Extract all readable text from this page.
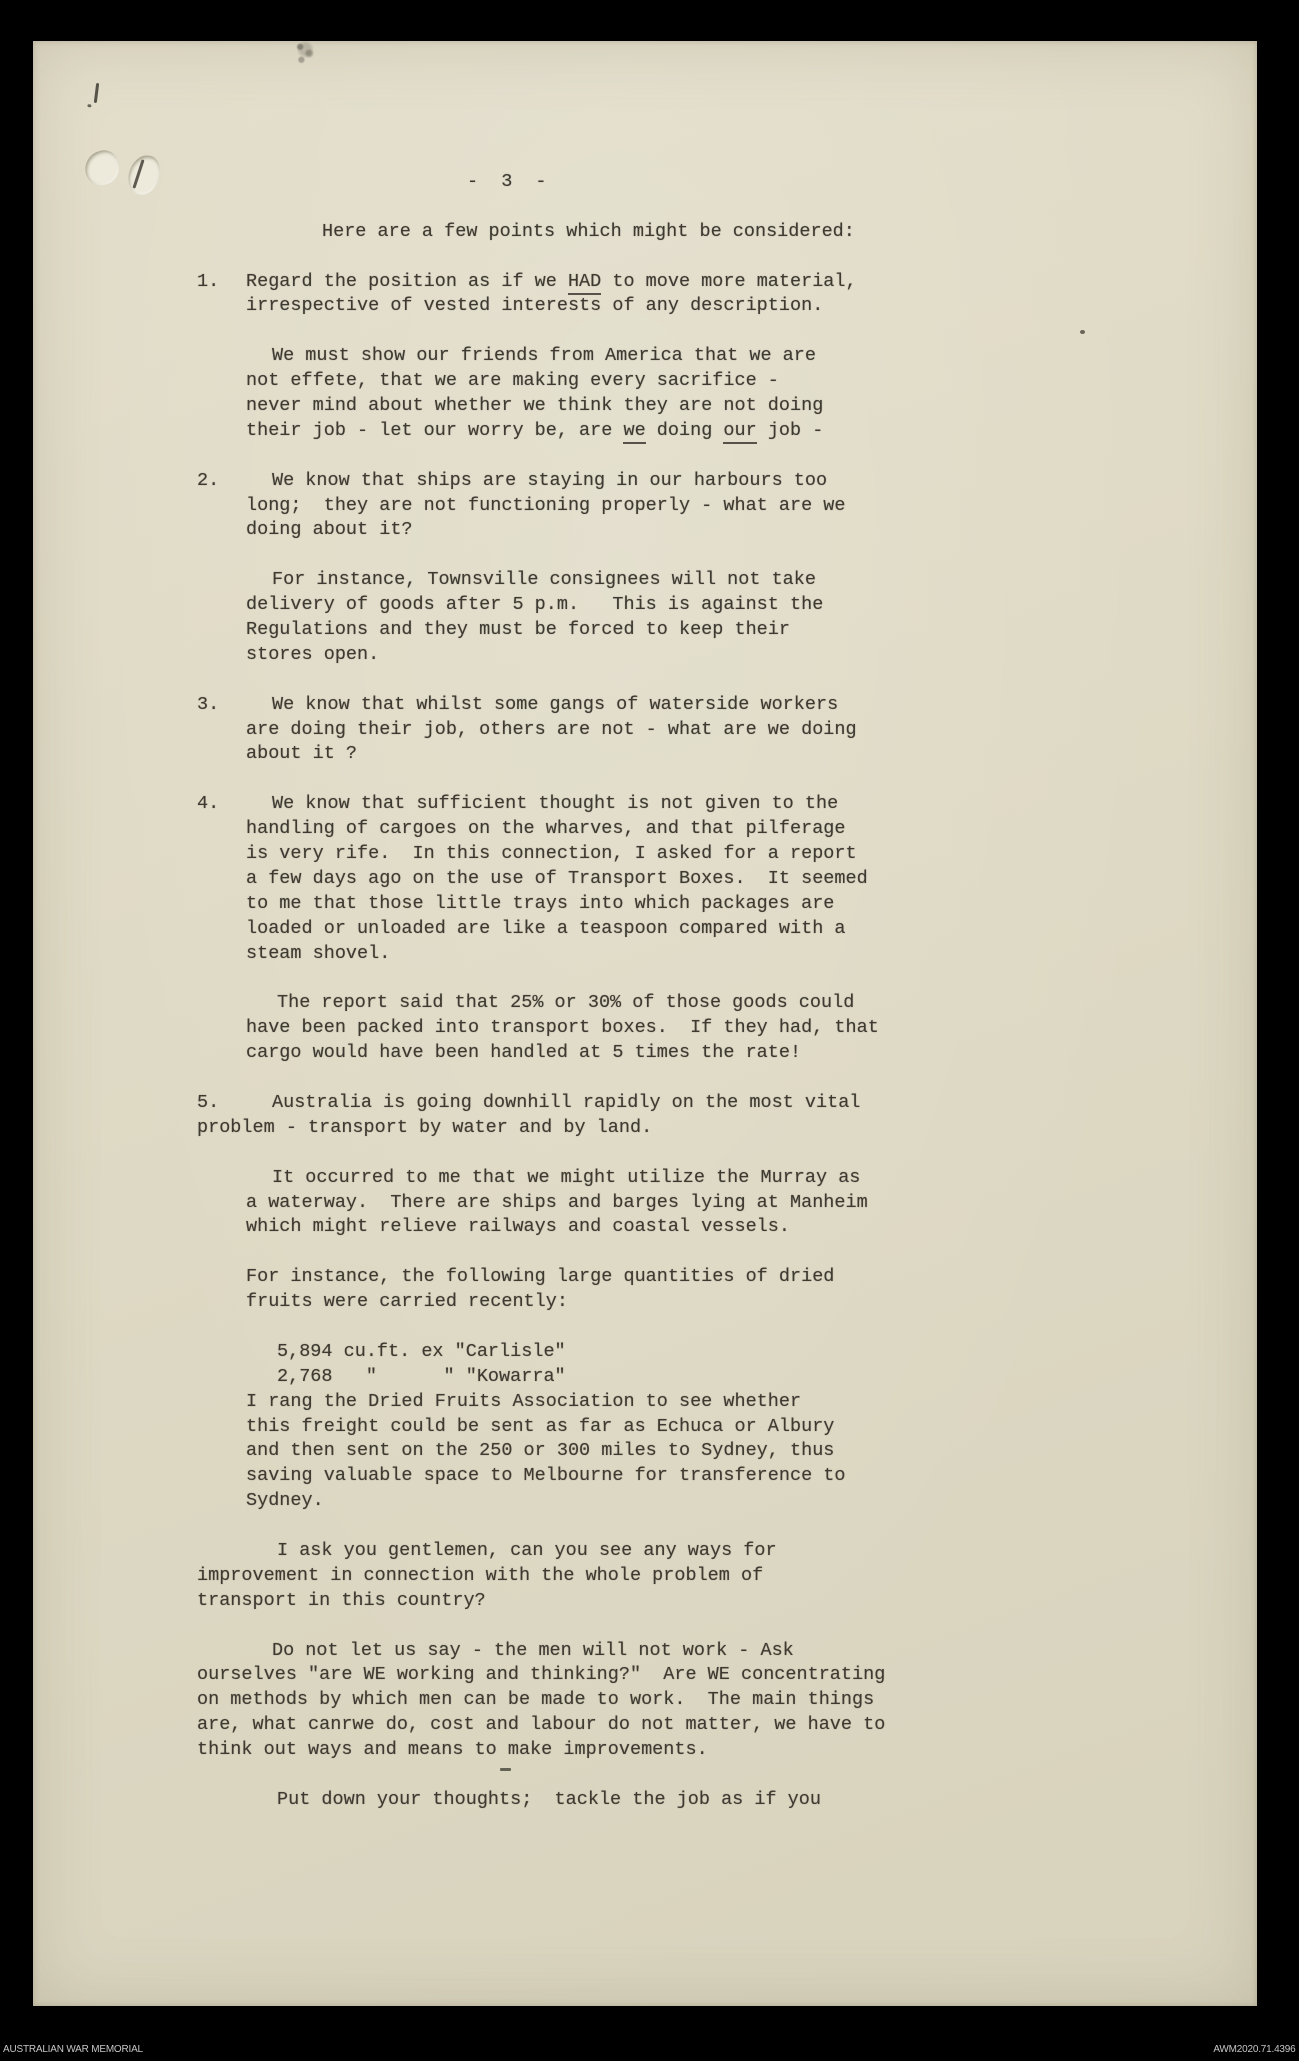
- 3 -
Here are a few points which might be considered:
1. Regard the position as if we HAD to move more material,
irrespective of vested interests of any description.
We must show our friends from America that we are
not effete, that we are making every sacrifice -
never mind about whether we think they are not doing
their job - let our worry be, are we doing our job -
2.	We know that ships are staying in our harbours too
long;  they are not functioning properly - what are we
doing about it?
For instance, Townsville consignees will not take
delivery of goods after 5 p.m.   This is against the
Regulations and they must be forced to keep their
stores open.
3.	We know that whilst some gangs of waterside workers
are doing their job, others are not - what are we doing
about it ?
4.	We know that sufficient thought is not given to the
handling of cargoes on the wharves, and that pilferage
is very rife.  In this connection, I asked for a report
a few days ago on the use of Transport Boxes.  It seemed
to me that those little trays into which packages are
loaded or unloaded are like a teaspoon compared with a
steam shovel.
The report said that 25% or 30% of those goods could
have been packed into transport boxes.  If they had, that
cargo would have been handled at 5 times the rate!
5.	Australia is going downhill rapidly on the most vital
problem - transport by water and by land.
It occurred to me that we might utilize the Murray as
a waterway.  There are ships and barges lying at Manheim
which might relieve railways and coastal vessels.
For instance, the following large quantities of dried
fruits were carried recently:
5,894 cu.ft. ex "Carlisle"
2,768   "      " "Kowarra"
I rang the Dried Fruits Association to see whether
this freight could be sent as far as Echuca or Albury
and then sent on the 250 or 300 miles to Sydney, thus
saving valuable space to Melbourne for transference to
Sydney.
I ask you gentlemen, can you see any ways for
improvement in connection with the whole problem of
transport in this country?
Do not let us say - the men will not work - Ask
ourselves "are WE working and thinking?"  Are WE concentrating
on methods by which men can be made to work.  The main things
are, what canrwe do, cost and labour do not matter, we have to
think out ways and means to make improvements.
Put down your thoughts;  tackle the job as if you
AUSTRALIAN WAR MEMORIAL	AWM2020.71.4396
